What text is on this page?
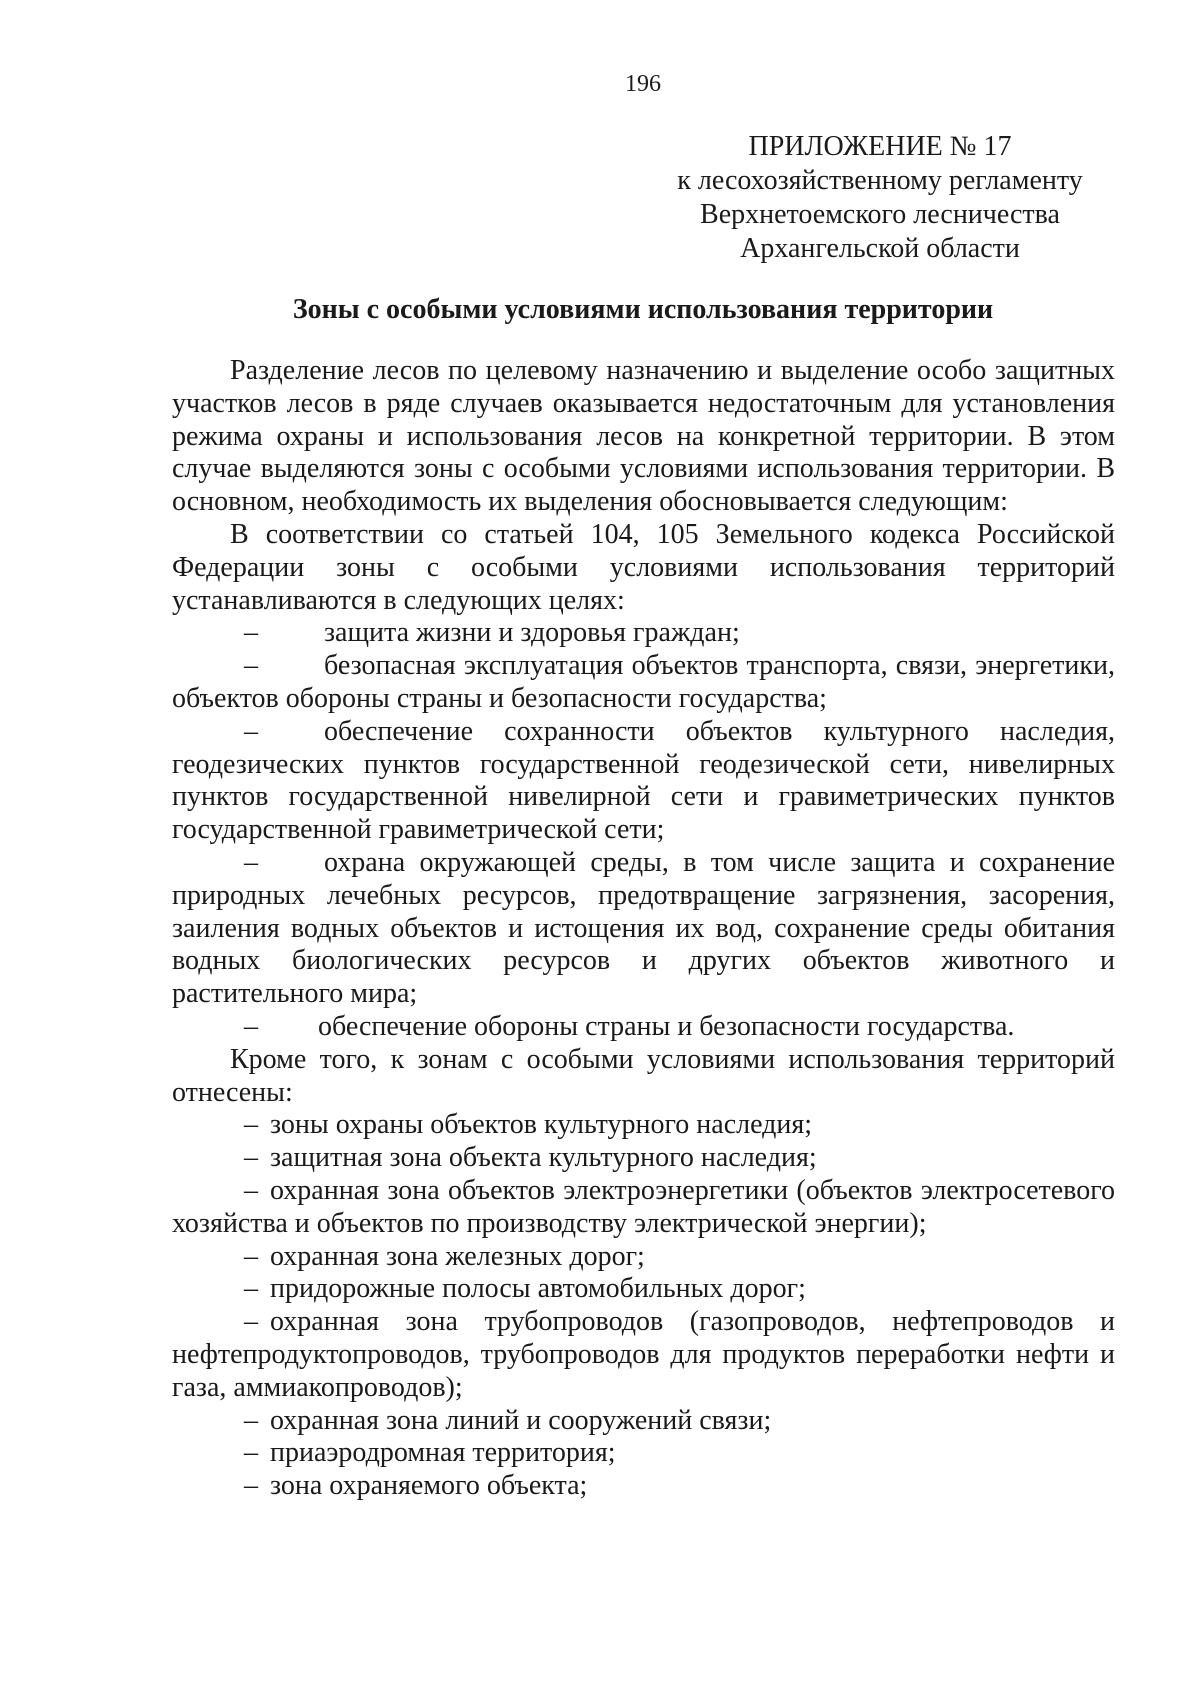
196
ПРИЛОЖЕНИЕ № 17
к лесохозяйственному регламенту
Верхнетоемского лесничества
Архангельской области
Зоны с особыми условиями использования территории

Разделение лесов по целевому назначению и выделение особо защитных участков лесов в ряде случаев оказывается недостаточным для установления режима охраны и использования лесов на конкретной территории. В этом случае выделяются зоны с особыми условиями использования территории. В основном, необходимость их выделения обосновывается следующим:

В соответствии со статьей 104, 105 Земельного кодекса Российской Федерации зоны с особыми условиями использования территорий устанавливаются в следующих целях:

– защита жизни и здоровья граждан;

– безопасная эксплуатация объектов транспорта, связи, энергетики, объектов обороны страны и безопасности государства;

– обеспечение сохранности объектов культурного наследия, геодезических пунктов государственной геодезической сети, нивелирных пунктов государственной нивелирной сети и гравиметрических пунктов государственной гравиметрической сети;

– охрана окружающей среды, в том числе защита и сохранение природных лечебных ресурсов, предотвращение загрязнения, засорения, заиления водных объектов и истощения их вод, сохранение среды обитания водных биологических ресурсов и других объектов животного и растительного мира;

– обеспечение обороны страны и безопасности государства.

Кроме того, к зонам с особыми условиями использования территорий отнесены:

– зоны охраны объектов культурного наследия;

– защитная зона объекта культурного наследия;

– охранная зона объектов электроэнергетики (объектов электросетевого хозяйства и объектов по производству электрической энергии);

– охранная зона железных дорог;

– придорожные полосы автомобильных дорог;

– охранная зона трубопроводов (газопроводов, нефтепроводов и нефтепродуктопроводов, трубопроводов для продуктов переработки нефти и газа, аммиакопроводов);

– охранная зона линий и сооружений связи;

– приаэродромная территория;

– зона охраняемого объекта;
